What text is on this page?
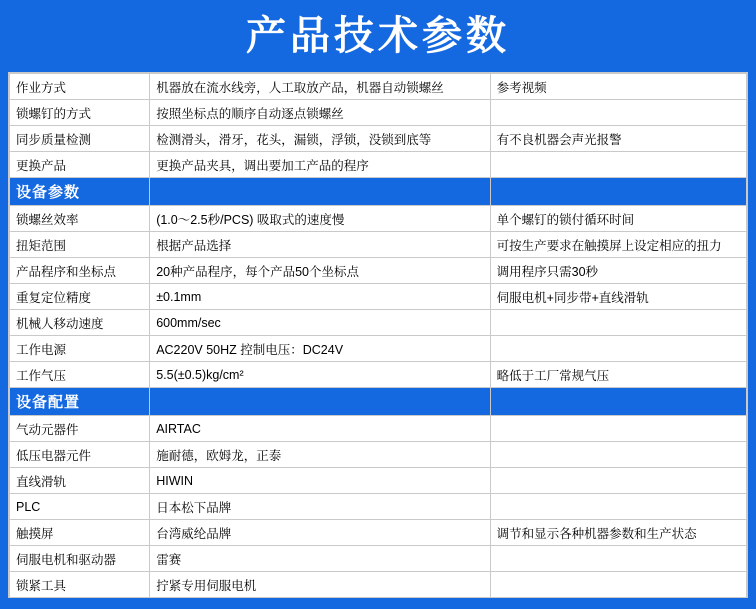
产品技术参数
作业方式	机器放在流水线旁，人工取放产品，机器自动锁螺丝	参考视频
锁螺钉的方式	按照坐标点的顺序自动逐点锁螺丝	
同步质量检测	检测滑头，滑牙，花头，漏锁，浮锁，没锁到底等	有不良机器会声光报警
更换产品	更换产品夹具，调出要加工产品的程序	
设备参数		
锁螺丝效率	(1.0～2.5秒/PCS) 吸取式的速度慢	单个螺钉的锁付循环时间
扭矩范围	根据产品选择	可按生产要求在触摸屏上设定相应的扭力
产品程序和坐标点	20种产品程序，每个产品50个坐标点	调用程序只需30秒
重复定位精度	±0.1mm	伺服电机+同步带+直线滑轨
机械人移动速度	600mm/sec	
工作电源	AC220V 50HZ 控制电压：DC24V	
工作气压	5.5(±0.5)kg/cm²	略低于工厂常规气压
设备配置		
气动元器件	AIRTAC	
低压电器元件	施耐德，欧姆龙，正泰	
直线滑轨	HIWIN	
PLC	日本松下品牌	
触摸屏	台湾威纶品牌	调节和显示各种机器参数和生产状态
伺服电机和驱动器	雷赛	
锁紧工具	拧紧专用伺服电机	
